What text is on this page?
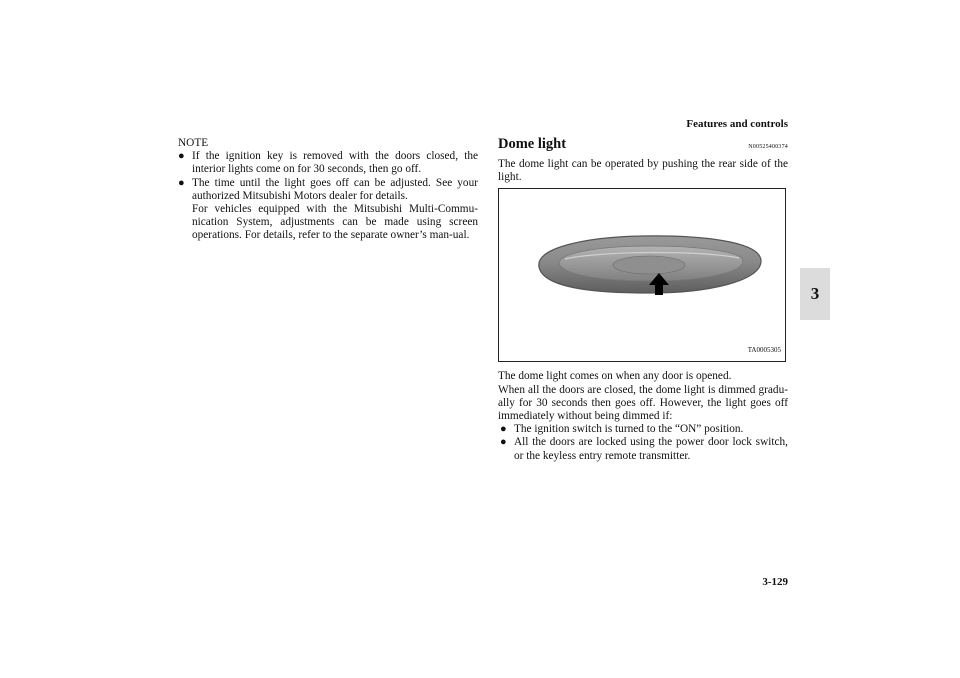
Features and controls
3

NOTE

● If the ignition key is removed with the doors closed, the interior lights come on for 30 seconds, then go off.

● The time until the light goes off can be adjusted. See your authorized Mitsubishi Motors dealer for details.

For vehicles equipped with the Mitsubishi Multi-Commu-nication System, adjustments can be made using screen operations. For details, refer to the separate owner’s man-ual.

Dome light	N00525400374

The dome light can be operated by pushing the rear side of the light.

TA0005305

The dome light comes on when any door is opened.

When all the doors are closed, the dome light is dimmed gradu-ally for 30 seconds then goes off. However, the light goes off immediately without being dimmed if:

● The ignition switch is turned to the “ON” position.
● All the doors are locked using the power door lock switch, or the keyless entry remote transmitter.
3-129
